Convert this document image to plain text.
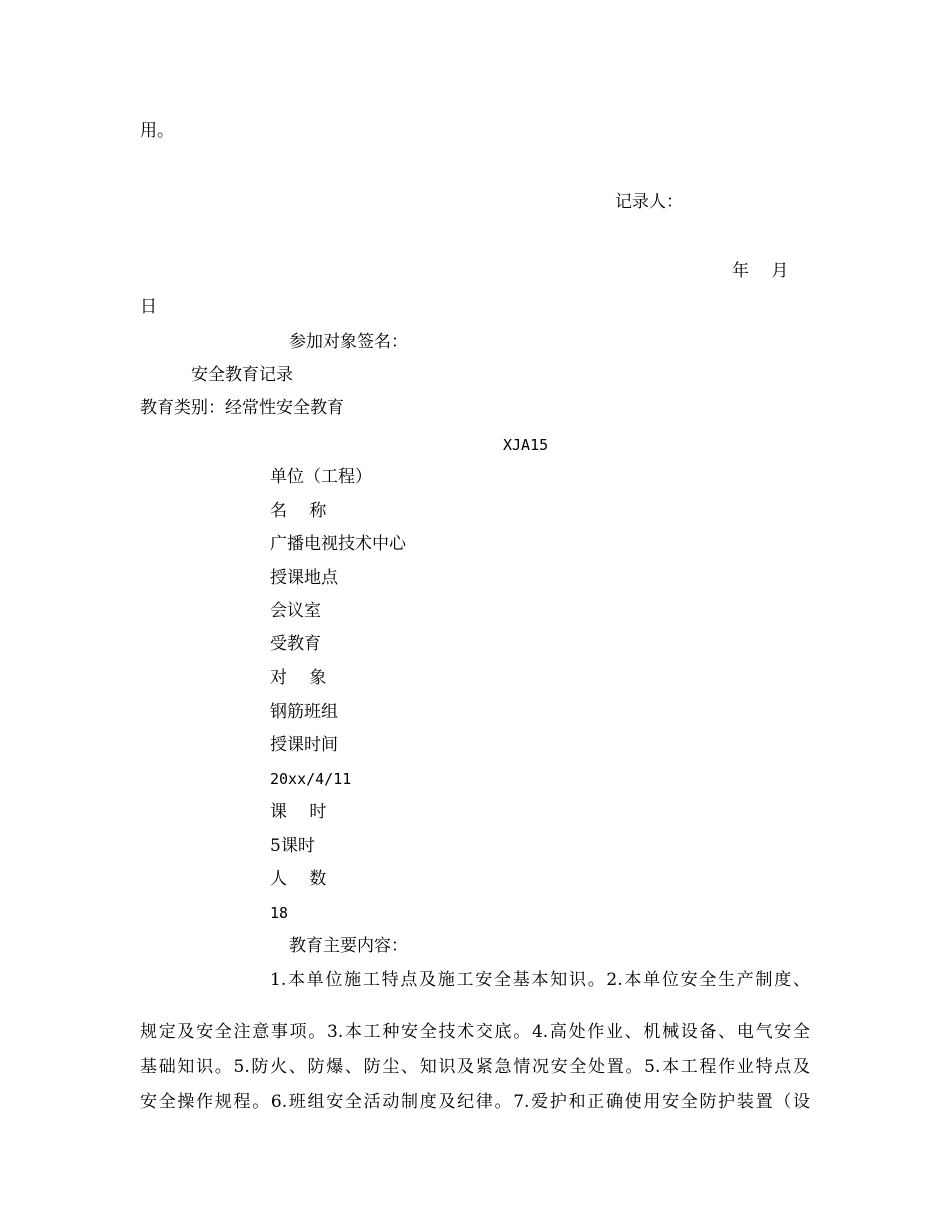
用。

记录人：

年　 月

日

参加对象签名：

安全教育记录

教育类别：经常性安全教育

XJA15

单位（工程）

名　 称

广播电视技术中心

授课地点

会议室

受教育

对　 象

钢筋班组

授课时间

20xx/4/11

课　 时

5课时

人　 数

18

教育主要内容：

1.本单位施工特点及施工安全基本知识。2.本单位安全生产制度、

规定及安全注意事项。3.本工种安全技术交底。4.高处作业、机械设备、电气安全

基础知识。5.防火、防爆、防尘、知识及紧急情况安全处置。5.本工程作业特点及

安全操作规程。6.班组安全活动制度及纪律。7.爱护和正确使用安全防护装置（设
